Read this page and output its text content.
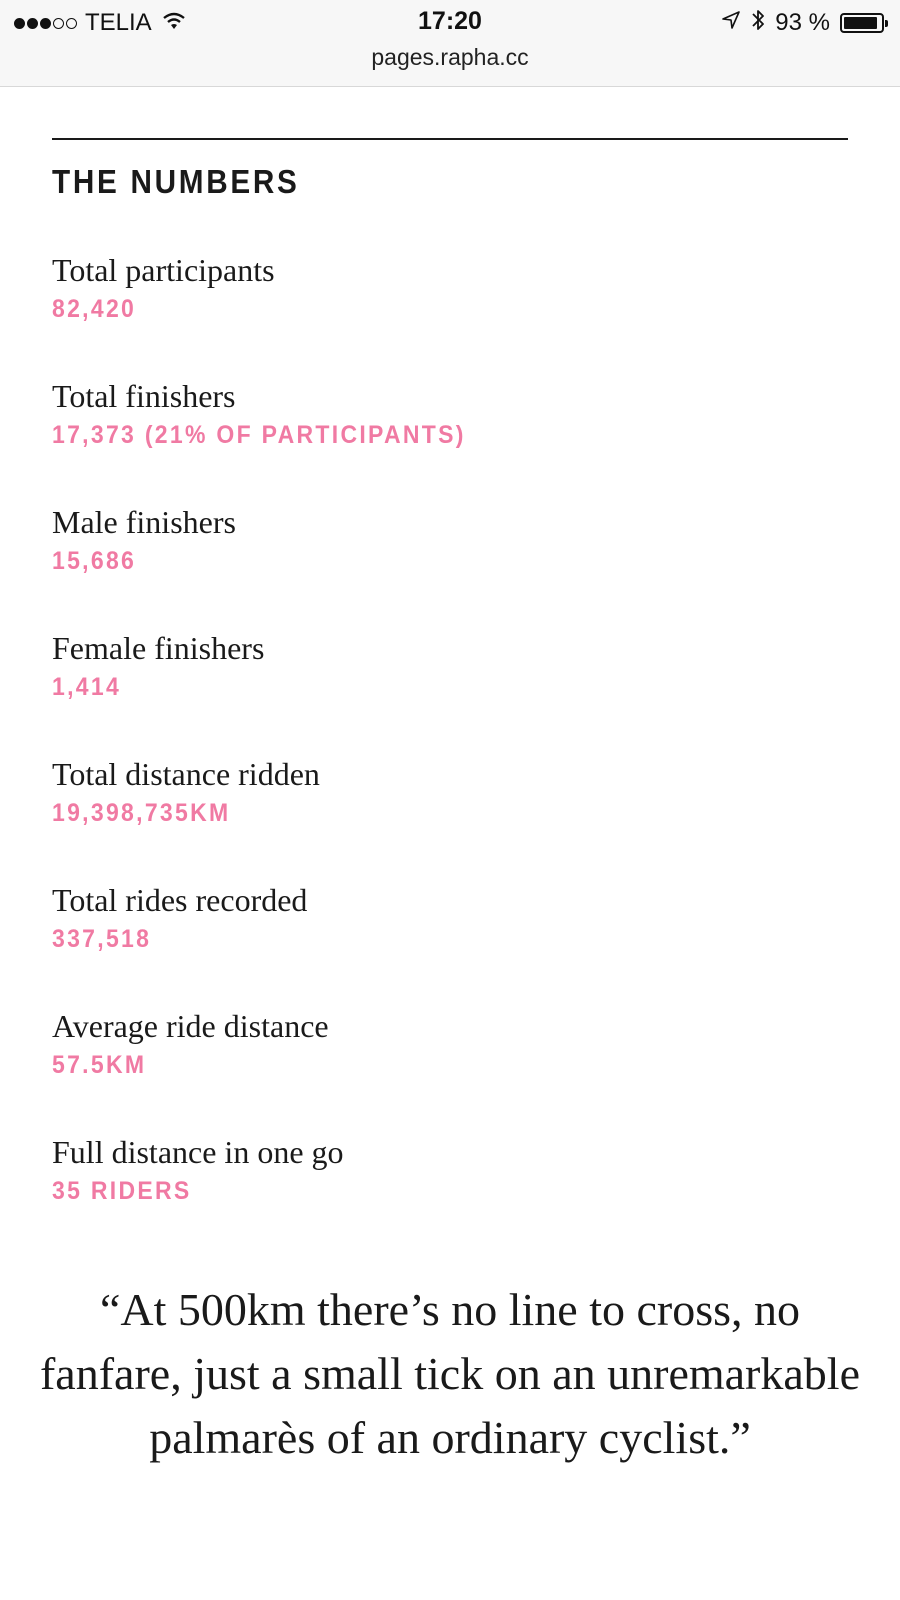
TELIA	17:20	93 %
pages.rapha.cc
THE NUMBERS
Total participants
82,420
Total finishers
17,373 (21% OF PARTICIPANTS)
Male finishers
15,686
Female finishers
1,414
Total distance ridden
19,398,735KM
Total rides recorded
337,518
Average ride distance
57.5KM
Full distance in one go
35 RIDERS
“At 500km there’s no line to cross, no fanfare, just a small tick on an unremarkable palmarès of an ordinary cyclist.”
